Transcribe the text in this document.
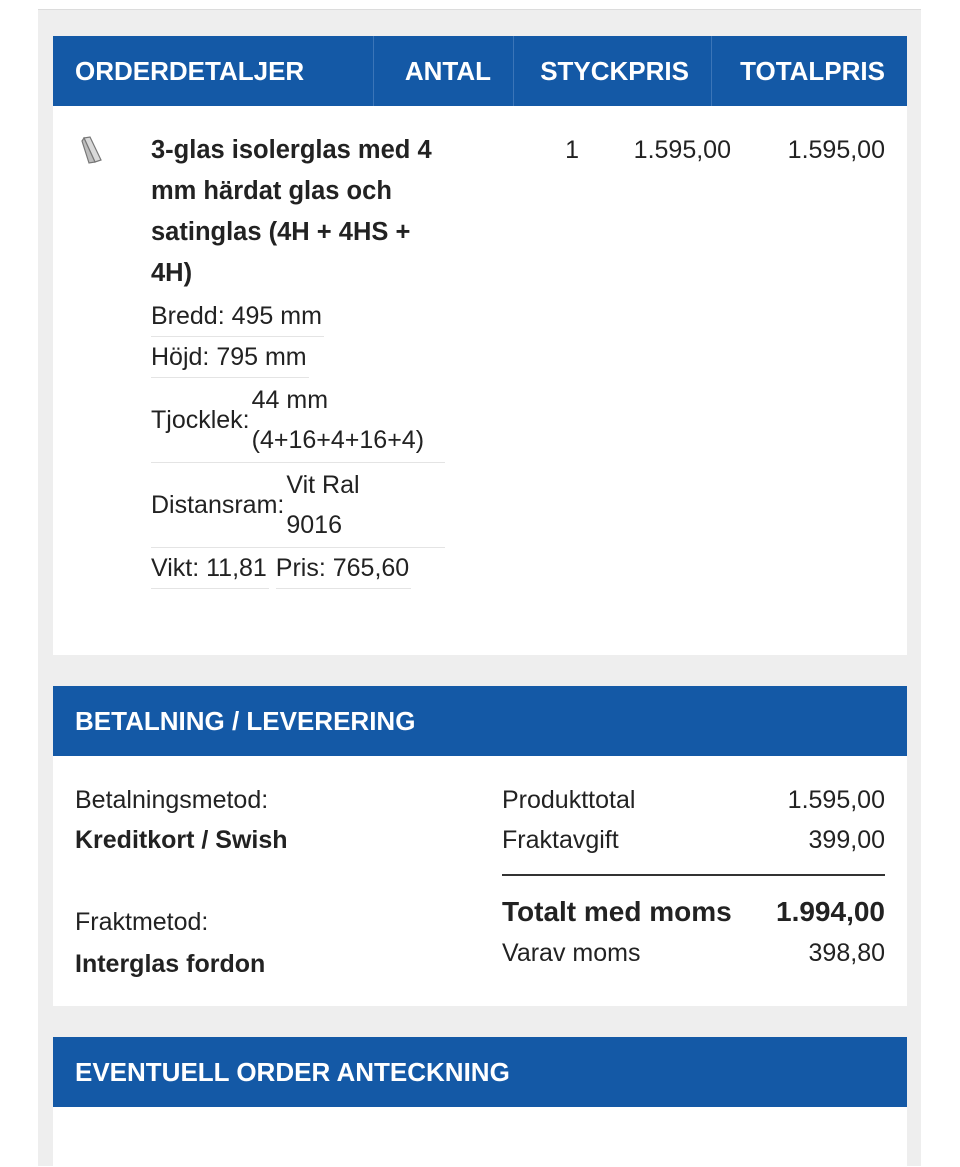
ORDERDETALJER	ANTAL	STYCKPRIS	TOTALPRIS
3-glas isolerglas med 4 mm härdat glas och satinglas (4H + 4HS + 4H)
Bredd:
495 mm

Höjd:
795 mm
Tjocklek:
44 mm (4+16+4+16+4)
Distansram:
Vit Ral 9016
Vikt:
11,81
Pris:
765,60
1 1.595,00 1.595,00
BETALNING / LEVERERING
Betalningsmetod:
Kreditkort / Swish
Fraktmetod:
Interglas fordon
Produkttotal	1.595,00
Fraktavgift	399,00
Totalt med moms 1.994,00
Varav moms	398,80
EVENTUELL ORDER ANTECKNING
